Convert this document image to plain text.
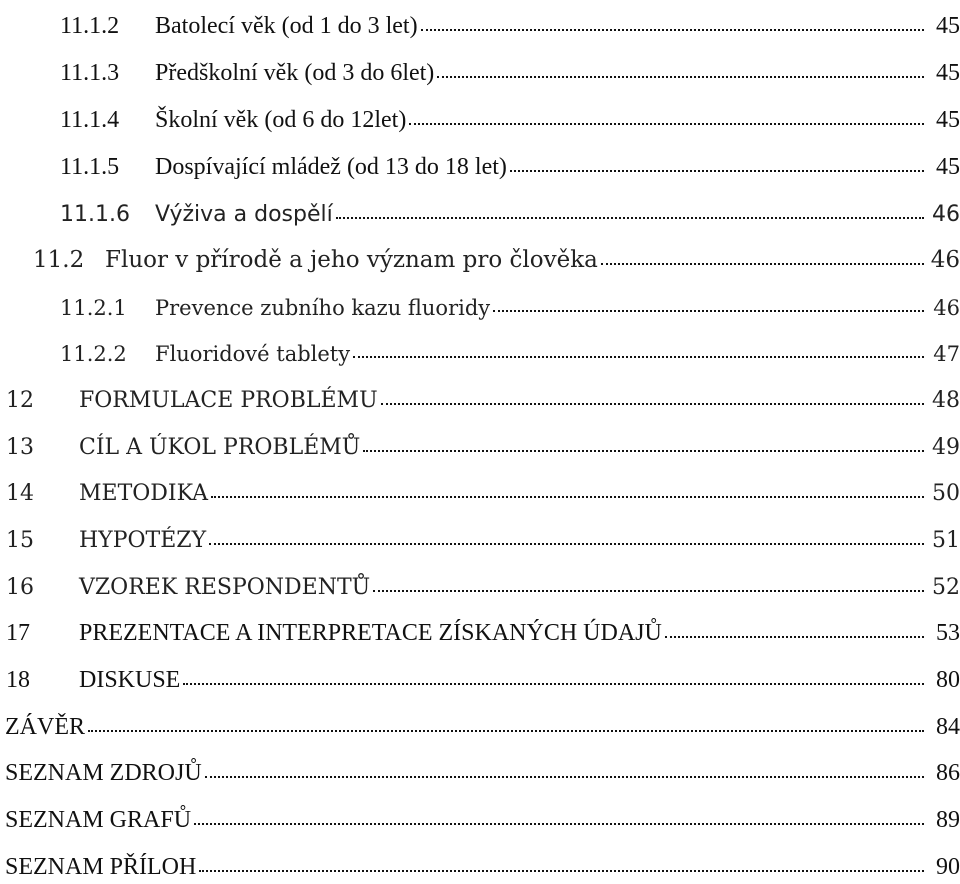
11.1.2	Batolecí věk (od 1 do 3 let)	45
11.1.3	Předškolní věk (od 3 do 6let)	45
11.1.4	Školní věk (od 6 do 12let)	45
11.1.5	Dospívající mládež (od 13 do 18 let)	45
11.1.6	Výživa a dospělí	46
11.2 Fluor v přírodě a jeho význam pro člověka	46
11.2.1	Prevence zubního kazu fluoridy	46
11.2.2	Fluoridové tablety	47
12	FORMULACE PROBLÉMU	48
13	CÍL A ÚKOL PROBLÉMŮ	49
14	METODIKA	50
15	HYPOTÉZY	51
16	VZOREK RESPONDENTŮ	52
17	PREZENTACE A INTERPRETACE ZÍSKANÝCH ÚDAJŮ	53
18	DISKUSE	80
ZÁVĚR	84
SEZNAM ZDROJŮ	86
SEZNAM GRAFŮ	89
SEZNAM PŘÍLOH	90
